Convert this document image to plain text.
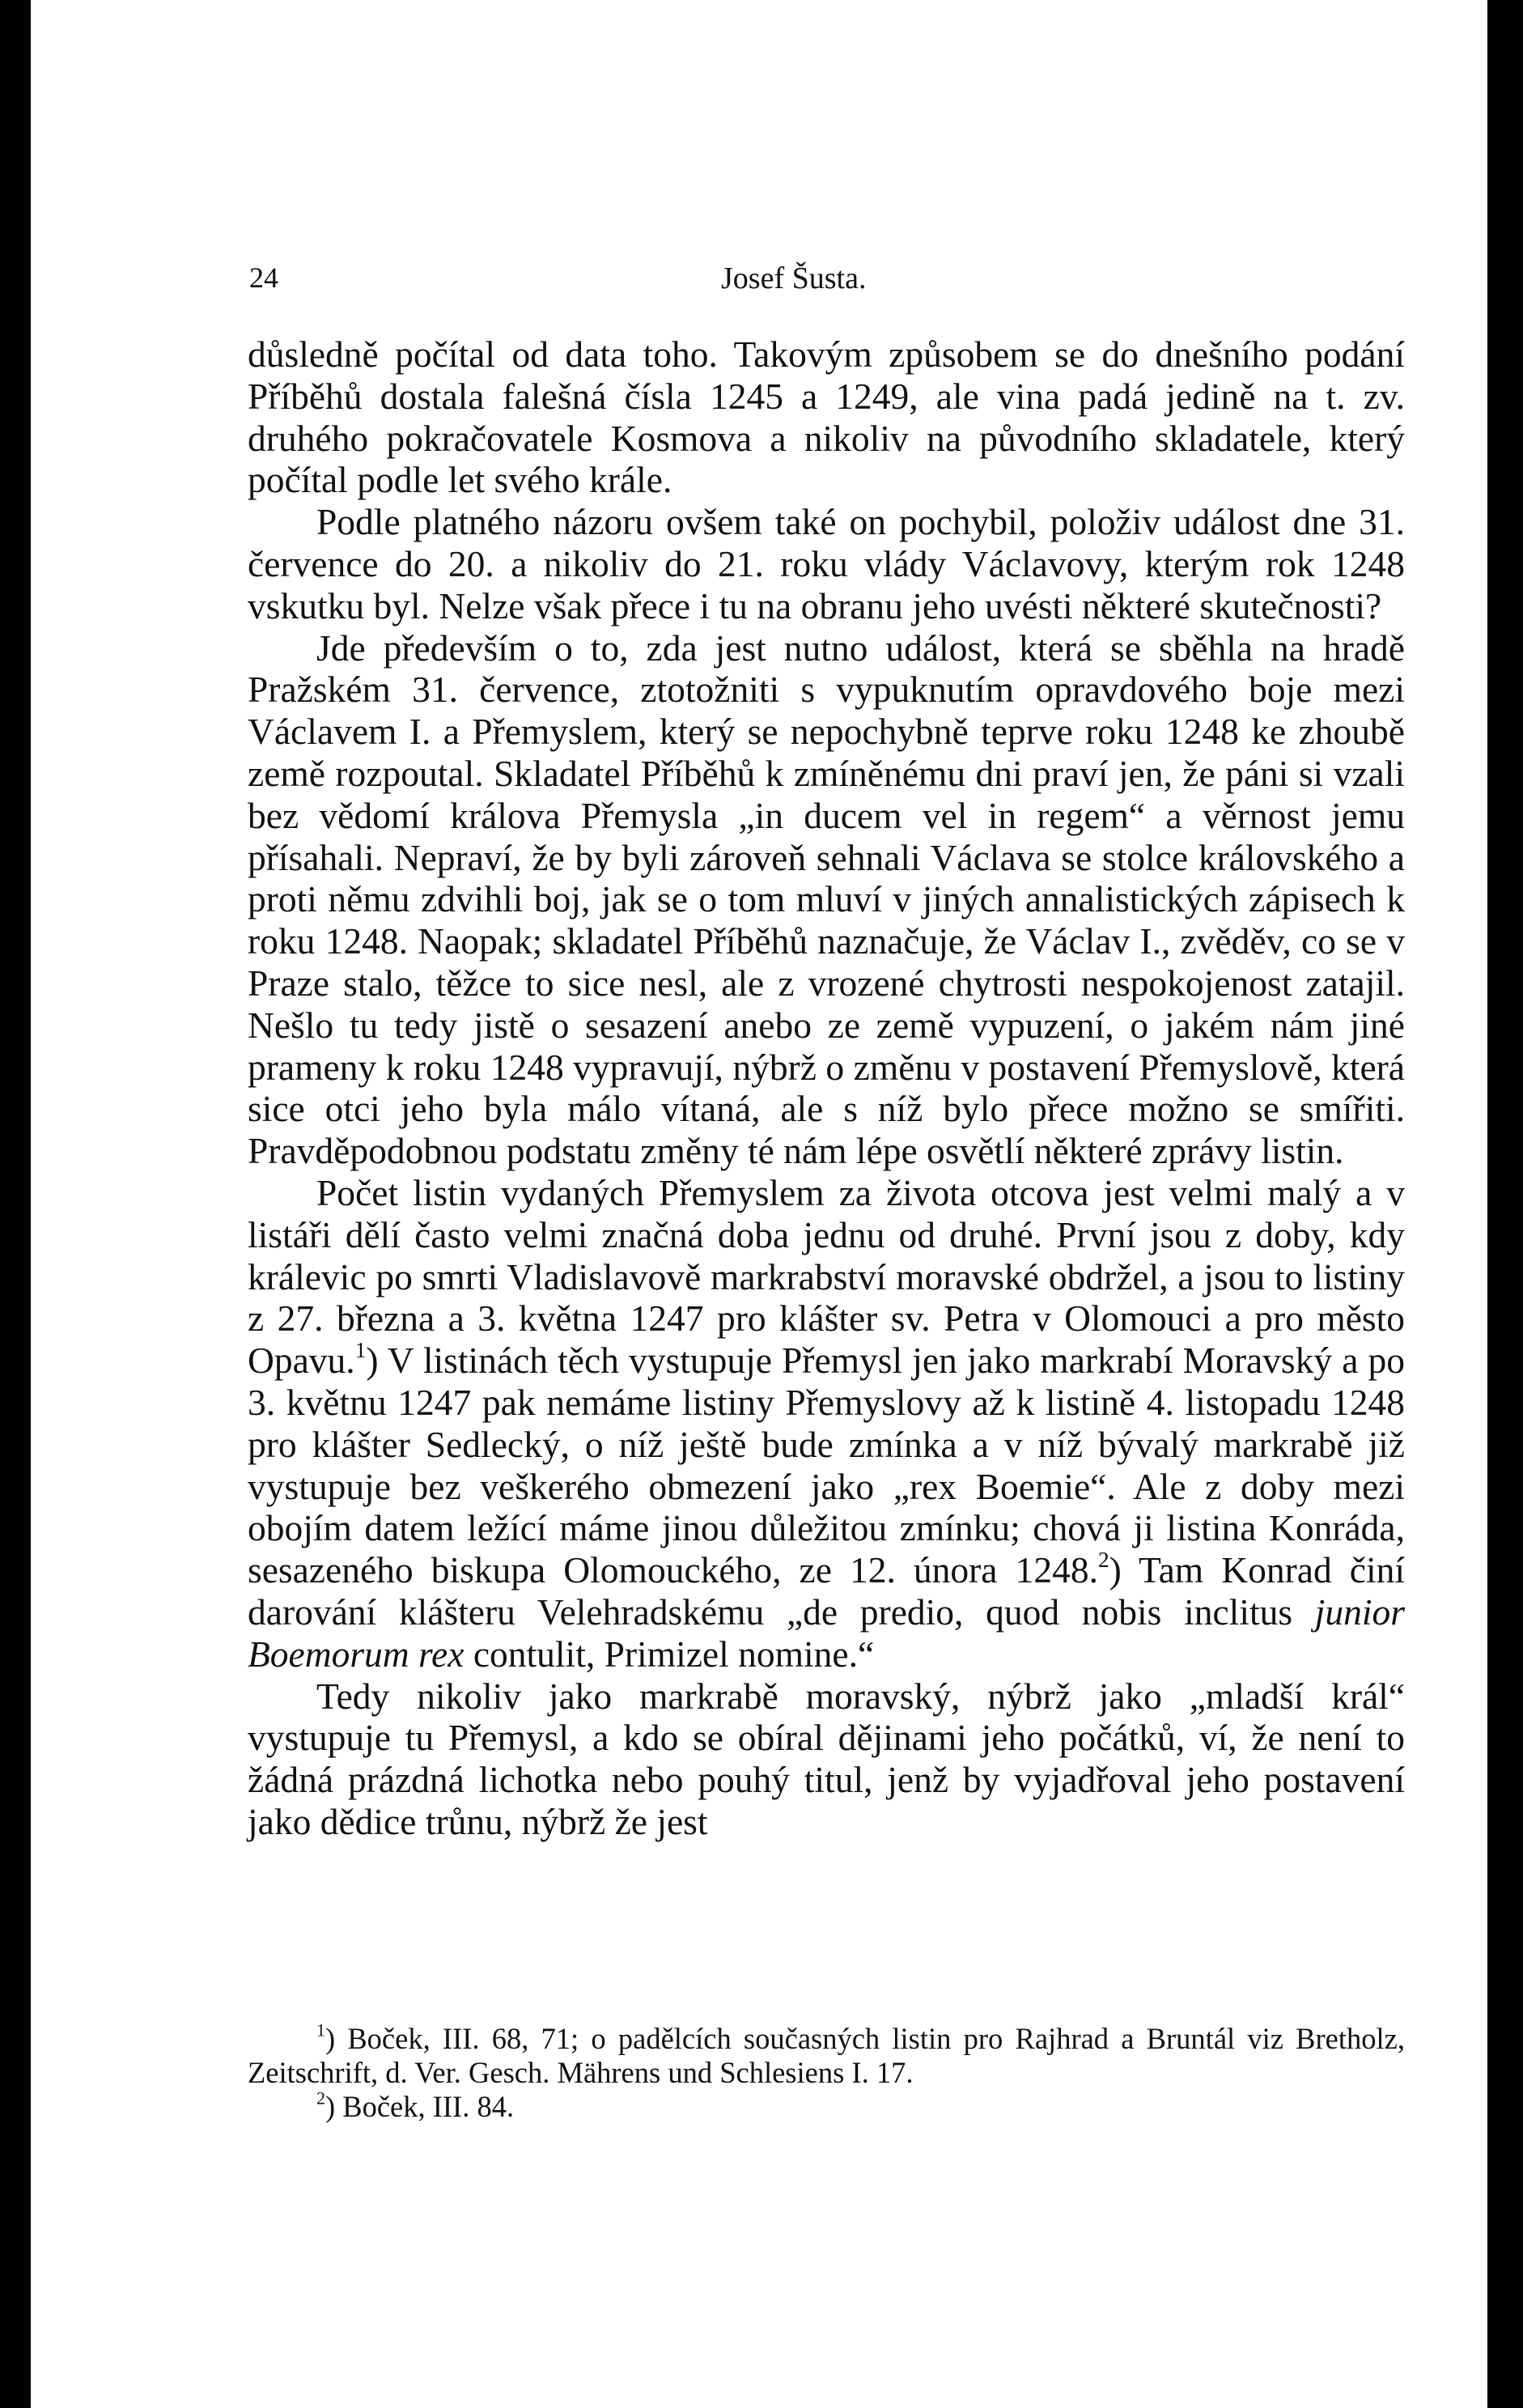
24	Josef Šusta.

důsledně počítal od data toho. Takovým způsobem se do dnešního podání Příběhů dostala falešná čísla 1245 a 1249, ale vina padá jedině na t. zv. druhého pokračovatele Kosmova a nikoliv na původního skladatele, který počítal podle let svého krále.

Podle platného názoru ovšem také on pochybil, položiv událost dne 31. července do 20. a nikoliv do 21. roku vlády Václavovy, kterým rok 1248 vskutku byl. Nelze však přece i tu na obranu jeho uvésti některé skutečnosti?

Jde především o to, zda jest nutno událost, která se sběhla na hradě Pražském 31. července, ztotožniti s vypuknutím opravdového boje mezi Václavem I. a Přemyslem, který se nepochybně teprve roku 1248 ke zhoubě země rozpoutal. Skladatel Příběhů k zmíněnému dni praví jen, že páni si vzali bez vědomí králova Přemysla „in ducem vel in regem“ a věrnost jemu přísahali. Nepraví, že by byli zároveň sehnali Václava se stolce královského a proti němu zdvihli boj, jak se o tom mluví v jiných annalistických zápisech k roku 1248. Naopak; skladatel Příběhů naznačuje, že Václav I., zvěděv, co se v Praze stalo, těžce to sice nesl, ale z vrozené chytrosti nespokojenost zatajil. Nešlo tu tedy jistě o sesazení anebo ze země vypuzení, o jakém nám jiné prameny k roku 1248 vypravují, nýbrž o změnu v postavení Přemyslově, která sice otci jeho byla málo vítaná, ale s níž bylo přece možno se smířiti. Pravděpodobnou podstatu změny té nám lépe osvětlí některé zprávy listin.

Počet listin vydaných Přemyslem za života otcova jest velmi malý a v listáři dělí často velmi značná doba jednu od druhé. První jsou z doby, kdy králevic po smrti Vladislavově markrabství moravské obdržel, a jsou to listiny z 27. března a 3. května 1247 pro klášter sv. Petra v Olomouci a pro město Opavu.$^1$) V listinách těch vystupuje Přemysl jen jako markrabí Moravský a po 3. květnu 1247 pak nemáme listiny Přemyslovy až k listině 4. listopadu 1248 pro klášter Sedlecký, o níž ještě bude zmínka a v níž bývalý markrabě již vystupuje bez veškerého obmezení jako „rex Boemie“. Ale z doby mezi obojím datem ležící máme jinou důležitou zmínku; chová ji listina Konráda, sesazeného biskupa Olomouckého, ze 12. února 1248.$^2$) Tam Konrad činí darování klášteru Velehradskému „de predio, quod nobis inclitus junior Boemorum rex contulit, Primizel nomine.“

Tedy nikoliv jako markrabě moravský, nýbrž jako „mladší král“ vystupuje tu Přemysl, a kdo se obíral dějinami jeho počátků, ví, že není to žádná prázdná lichotka nebo pouhý titul, jenž by vyjadřoval jeho postavení jako dědice trůnu, nýbrž že jest

$^1$) Boček, III. 68, 71; o padělcích současných listin pro Rajhrad a Bruntál viz Bretholz, Zeitschrift, d. Ver. Gesch. Mährens und Schlesiens I. 17.

$^2$) Boček, III. 84.
